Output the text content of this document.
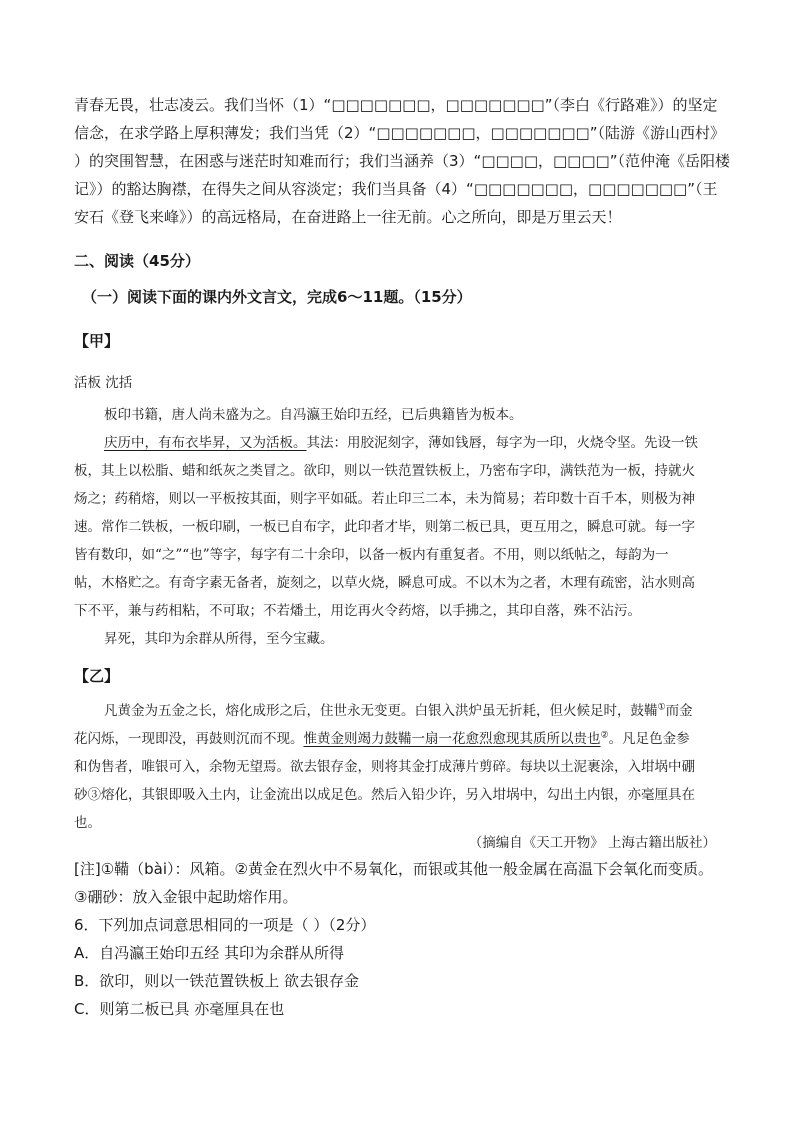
青春无畏，壮志凌云。我们当怀（1）“□□□□□□□，□□□□□□□”（李白《行路难》）的坚定
信念，在求学路上厚积薄发；我们当凭（2）“□□□□□□□，□□□□□□□”（陆游《游山西村》
）的突围智慧，在困惑与迷茫时知难而行；我们当涵养（3）“□□□□，□□□□”（范仲淹《岳阳楼
记》）的豁达胸襟，在得失之间从容淡定；我们当具备（4）“□□□□□□□，□□□□□□□”（王
安石《登飞来峰》）的高远格局，在奋进路上一往无前。心之所向，即是万里云天！
二、阅读（45分）
（一）阅读下面的课内外文言文，完成6～11题。（15分）
【甲】
活板 沈括
板印书籍，唐人尚未盛为之。自冯瀛王始印五经，已后典籍皆为板本。
庆历中，有布衣毕昇，又为活板。其法：用胶泥刻字，薄如钱唇，每字为一印，火烧令坚。先设一铁
板，其上以松脂、蜡和纸灰之类冒之。欲印，则以一铁范置铁板上，乃密布字印，满铁范为一板，持就火
炀之；药稍熔，则以一平板按其面，则字平如砥。若止印三二本，未为简易；若印数十百千本，则极为神
速。常作二铁板，一板印刷，一板已自布字，此印者才毕，则第二板已具，更互用之，瞬息可就。每一字
皆有数印，如“之”“也”等字，每字有二十余印，以备一板内有重复者。不用，则以纸帖之，每韵为一
帖，木格贮之。有奇字素无备者，旋刻之，以草火烧，瞬息可成。不以木为之者，木理有疏密，沾水则高
下不平，兼与药相粘，不可取；不若燔土，用讫再火令药熔，以手拂之，其印自落，殊不沾污。
昇死，其印为余群从所得，至今宝藏。
【乙】
凡黄金为五金之长，熔化成形之后，住世永无变更。白银入洪炉虽无折耗，但火候足时，鼓鞴①而金
花闪烁，一现即没，再鼓则沉而不现。惟黄金则竭力鼓鞴一扇一花愈烈愈现其质所以贵也②。凡足色金参
和伪售者，唯银可入，余物无望焉。欲去银存金，则将其金打成薄片剪碎。每块以土泥裹涂，入坩埚中硼
砂③熔化，其银即吸入土内，让金流出以成足色。然后入铅少许，另入坩埚中，勾出土内银，亦毫厘具在
也。
（摘编自《天工开物》 上海古籍出版社）
[注]①鞴（bài）：风箱。②黄金在烈火中不易氧化，而银或其他一般金属在高温下会氧化而变质。
③硼砂：放入金银中起助熔作用。
6．下列加点词意思相同的一项是（ ）（2分）
A．自冯瀛王始印五经 其印为余群从所得
B．欲印，则以一铁范置铁板上 欲去银存金
C．则第二板已具 亦毫厘具在也
